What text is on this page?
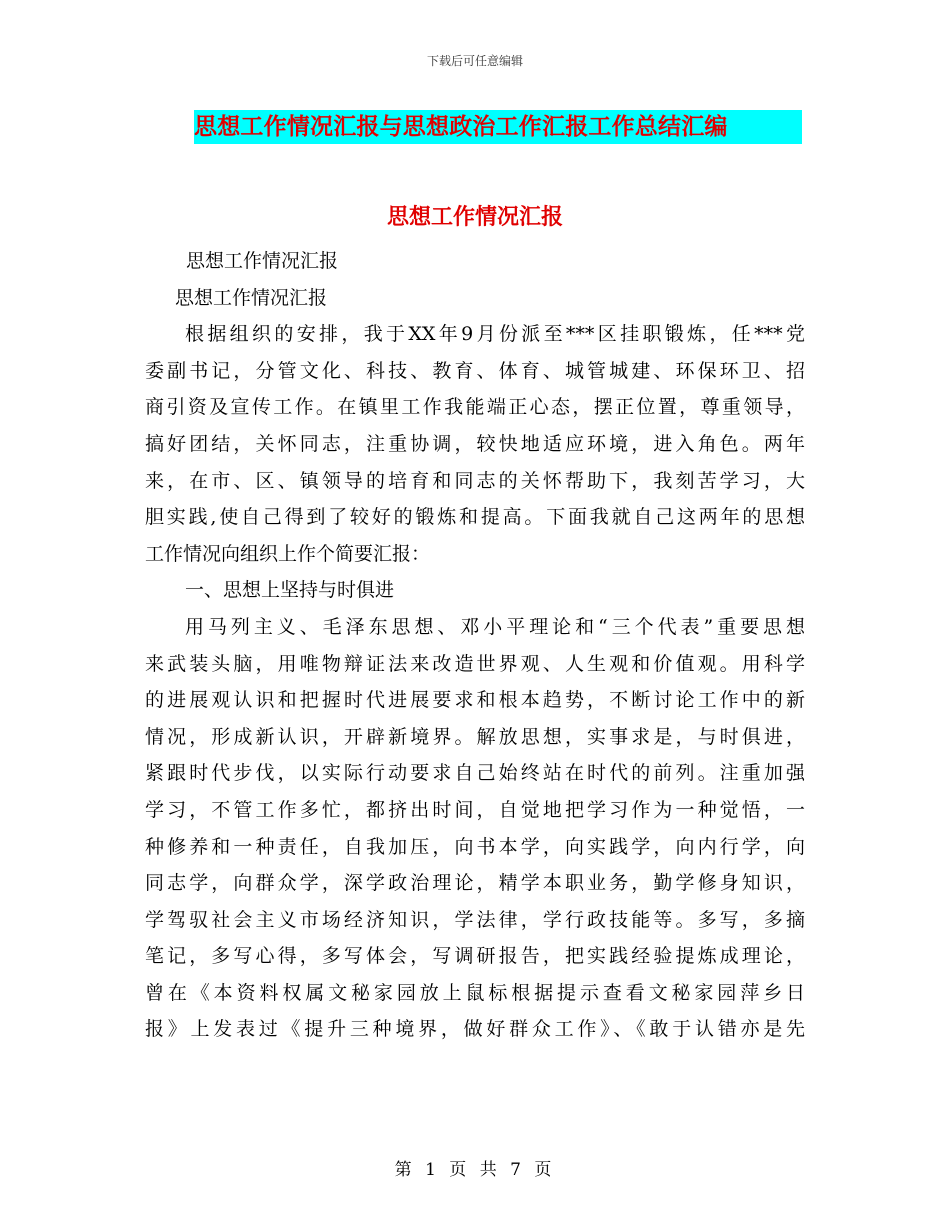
下载后可任意编辑
思想工作情况汇报与思想政治工作汇报工作总结汇编
思想工作情况汇报
思想工作情况汇报
思想工作情况汇报
根据组织的安排，我于XX年9月份派至***区挂职锻炼，任***党
委副书记，分管文化、科技、教育、体育、城管城建、环保环卫、招
商引资及宣传工作。在镇里工作我能端正心态，摆正位置，尊重领导，
搞好团结，关怀同志，注重协调，较快地适应环境，进入角色。两年
来，在市、区、镇领导的培育和同志的关怀帮助下，我刻苦学习，大
胆实践,使自己得到了较好的锻炼和提高。下面我就自己这两年的思想
工作情况向组织上作个简要汇报：
一、思想上坚持与时俱进
用马列主义、毛泽东思想、邓小平理论和“三个代表”重要思想
来武装头脑，用唯物辩证法来改造世界观、人生观和价值观。用科学
的进展观认识和把握时代进展要求和根本趋势，不断讨论工作中的新
情况，形成新认识，开辟新境界。解放思想，实事求是，与时俱进，
紧跟时代步伐，以实际行动要求自己始终站在时代的前列。注重加强
学习，不管工作多忙，都挤出时间，自觉地把学习作为一种觉悟，一
种修养和一种责任，自我加压，向书本学，向实践学，向内行学，向
同志学，向群众学，深学政治理论，精学本职业务，勤学修身知识，
学驾驭社会主义市场经济知识，学法律，学行政技能等。多写，多摘
笔记，多写心得，多写体会，写调研报告，把实践经验提炼成理论，
曾在《本资料权属文秘家园放上鼠标根据提示查看文秘家园萍乡日
报》上发表过《提升三种境界，做好群众工作》、《敢于认错亦是先
第 1 页 共 7 页
